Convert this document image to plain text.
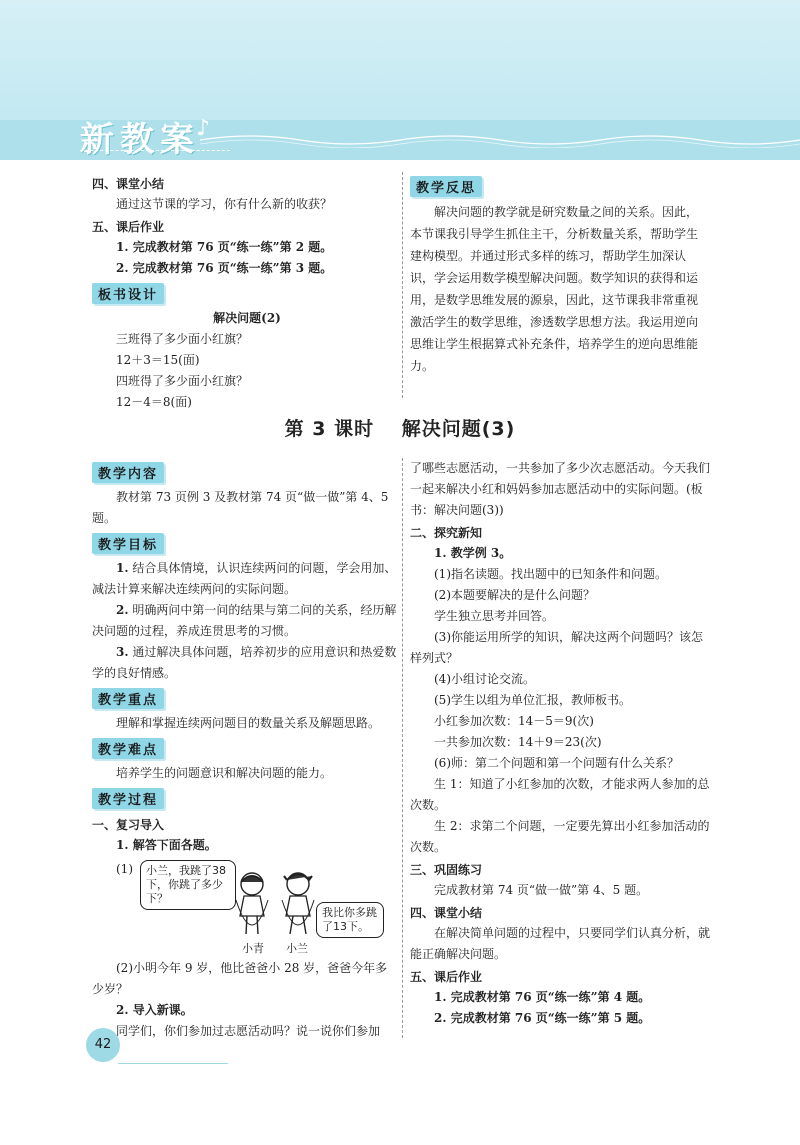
新教案
♪
四、课堂小结
通过这节课的学习，你有什么新的收获？
五、课后作业
1. 完成教材第 76 页“练一练”第 2 题。
2. 完成教材第 76 页“练一练”第 3 题。
板书设计
解决问题(2)
三班得了多少面小红旗？
12＋3＝15(面)
四班得了多少面小红旗？
12－4＝8(面)
教学反思
解决问题的教学就是研究数量之间的关系。因此，本节课我引导学生抓住主干，分析数量关系，帮助学生建构模型。并通过形式多样的练习，帮助学生加深认识，学会运用数学模型解决问题。数学知识的获得和运用，是数学思维发展的源泉，因此，这节课我非常重视激活学生的数学思维，渗透数学思想方法。我运用逆向思维让学生根据算式补充条件，培养学生的逆向思维能力。
第 3 课时　 解决问题(3)
教学内容
教材第 73 页例 3 及教材第 74 页“做一做”第 4、5 题。
教学目标
1. 结合具体情境，认识连续两问的问题，学会用加、减法计算来解决连续两问的实际问题。
2. 明确两问中第一问的结果与第二问的关系，经历解决问题的过程，养成连贯思考的习惯。
3. 通过解决具体问题，培养初步的应用意识和热爱数学的良好情感。
教学重点
理解和掌握连续两问题目的数量关系及解题思路。
教学难点
培养学生的问题意识和解决问题的能力。
教学过程
一、复习导入
1. 解答下面各题。
(1)	小兰，我跳了38下，你跳了多少下？
我比你多跳了13下。
小青 小兰
(2)小明今年 9 岁，他比爸爸小 28 岁，爸爸今年多少岁？
2. 导入新课。
同学们，你们参加过志愿活动吗？说一说你们参加
了哪些志愿活动，一共参加了多少次志愿活动。今天我们一起来解决小红和妈妈参加志愿活动中的实际问题。(板书：解决问题(3))
二、探究新知
1. 教学例 3。
(1)指名读题。找出题中的已知条件和问题。
(2)本题要解决的是什么问题？
学生独立思考并回答。
(3)你能运用所学的知识，解决这两个问题吗？该怎样列式？
(4)小组讨论交流。
(5)学生以组为单位汇报，教师板书。
小红参加次数：14－5＝9(次)
一共参加次数：14＋9＝23(次)
(6)师：第二个问题和第一个问题有什么关系？
生 1：知道了小红参加的次数，才能求两人参加的总次数。
生 2：求第二个问题，一定要先算出小红参加活动的次数。
三、巩固练习
完成教材第 74 页“做一做”第 4、5 题。
四、课堂小结
在解决简单问题的过程中，只要同学们认真分析，就能正确解决问题。
五、课后作业
1. 完成教材第 76 页“练一练”第 4 题。
2. 完成教材第 76 页“练一练”第 5 题。
42
